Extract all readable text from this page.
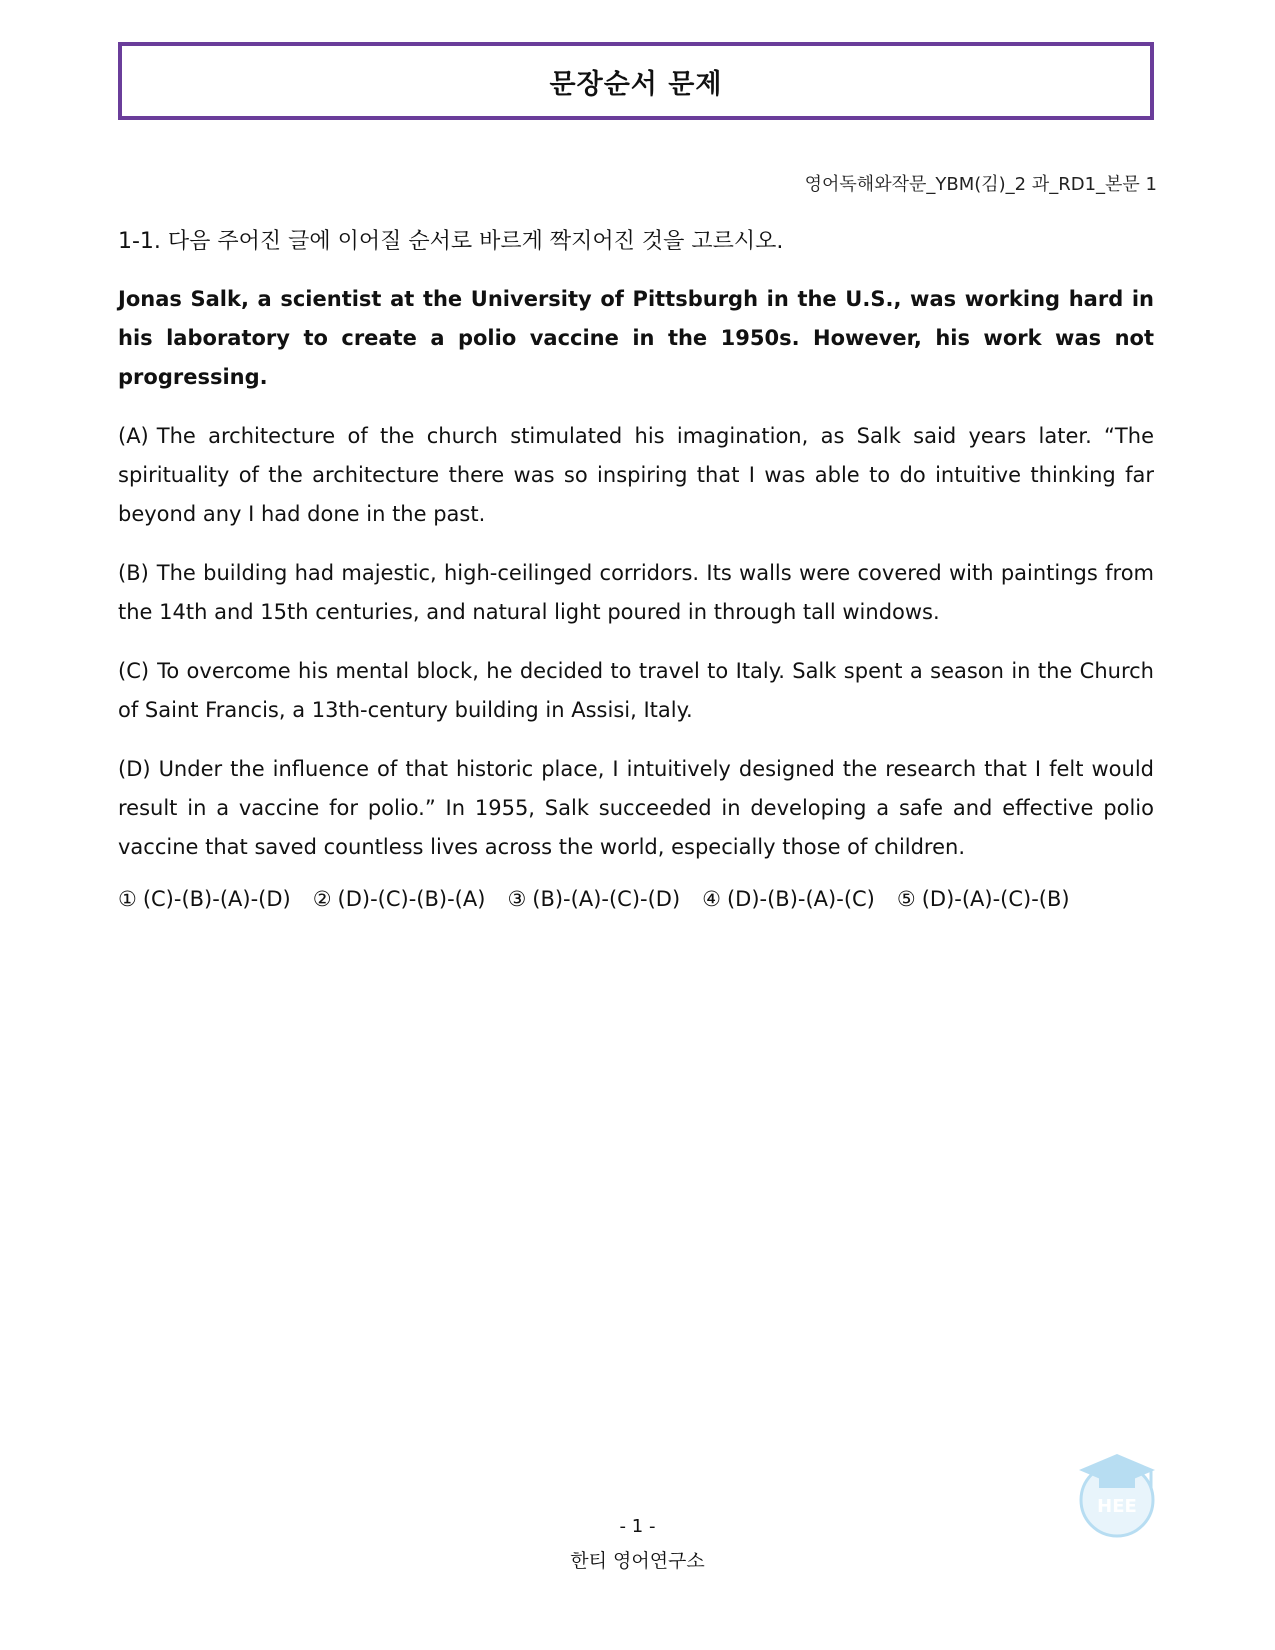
문장순서 문제
영어독해와작문_YBM(김)_2 과_RD1_본문 1
1-1. 다음 주어진 글에 이어질 순서로 바르게 짝지어진 것을 고르시오.

Jonas Salk, a scientist at the University of Pittsburgh in the U.S., was working hard in his laboratory to create a polio vaccine in the 1950s. However, his work was not progressing.

(A) The architecture of the church stimulated his imagination, as Salk said years later. “The spirituality of the architecture there was so inspiring that I was able to do intuitive thinking far beyond any I had done in the past.

(B) The building had majestic, high-ceilinged corridors. Its walls were covered with paintings from the 14th and 15th centuries, and natural light poured in through tall windows.

(C) To overcome his mental block, he decided to travel to Italy. Salk spent a season in the Church of Saint Francis, a 13th-century building in Assisi, Italy.

(D) Under the influence of that historic place, I intuitively designed the research that I felt would result in a vaccine for polio.” In 1955, Salk succeeded in developing a safe and effective polio vaccine that saved countless lives across the world, especially those of children.

① (C)-(B)-(A)-(D) ② (D)-(C)-(B)-(A) ③ (B)-(A)-(C)-(D) ④ (D)-(B)-(A)-(C) ⑤ (D)-(A)-(C)-(B)
HEE
- 1 -
한티 영어연구소
